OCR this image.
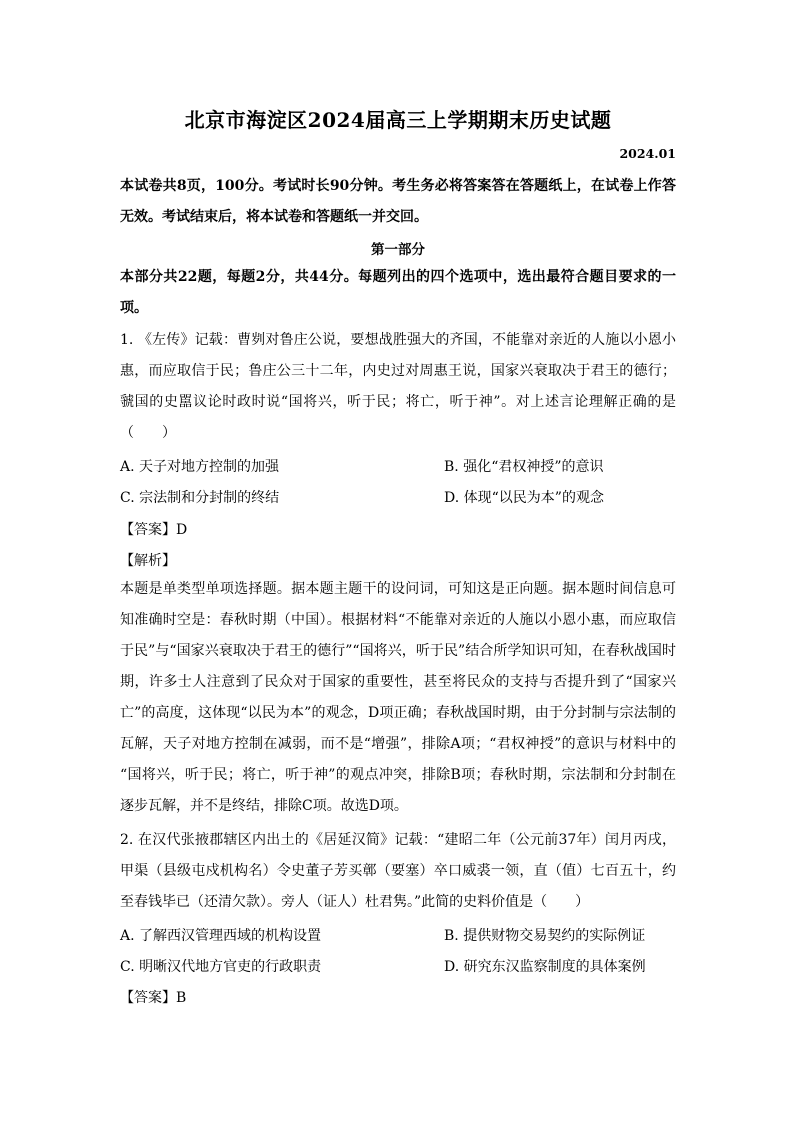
北京市海淀区2024届高三上学期期末历史试题
2024.01
本试卷共8页，100分。考试时长90分钟。考生务必将答案答在答题纸上，在试卷上作答
无效。考试结束后，将本试卷和答题纸一并交回。
第一部分
本部分共22题，每题2分，共44分。每题列出的四个选项中，选出最符合题目要求的一
项。
1. 《左传》记载：曹刿对鲁庄公说，要想战胜强大的齐国，不能靠对亲近的人施以小恩小
惠，而应取信于民；鲁庄公三十二年，内史过对周惠王说，国家兴衰取决于君王的德行；
虢国的史嚚议论时政时说“国将兴，听于民；将亡，听于神”。对上述言论理解正确的是
（　　）
A. 天子对地方控制的加强	B. 强化“君权神授”的意识
C. 宗法制和分封制的终结	D. 体现“以民为本”的观念
【答案】D
【解析】
本题是单类型单项选择题。据本题主题干的设问词，可知这是正向题。据本题时间信息可
知准确时空是：春秋时期（中国）。根据材料“不能靠对亲近的人施以小恩小惠，而应取信
于民”与“国家兴衰取决于君王的德行”“国将兴，听于民”结合所学知识可知，在春秋战国时
期，许多士人注意到了民众对于国家的重要性，甚至将民众的支持与否提升到了“国家兴
亡”的高度，这体现“以民为本”的观念，D项正确；春秋战国时期，由于分封制与宗法制的
瓦解，天子对地方控制在减弱，而不是“增强”，排除A项；“君权神授”的意识与材料中的
“国将兴，听于民；将亡，听于神”的观点冲突，排除B项；春秋时期，宗法制和分封制在
逐步瓦解，并不是终结，排除C项。故选D项。
2. 在汉代张掖郡辖区内出土的《居延汉简》记载：“建昭二年（公元前37年）闰月丙戌，
甲渠（县级屯戍机构名）令史董子芳买鄣（要塞）卒口威裘一领，直（值）七百五十，约
至春钱毕已（还清欠款）。旁人（证人）杜君隽。”此简的史料价值是（　　）
A. 了解西汉管理西域的机构设置	B. 提供财物交易契约的实际例证
C. 明晰汉代地方官吏的行政职责	D. 研究东汉监察制度的具体案例
【答案】B
